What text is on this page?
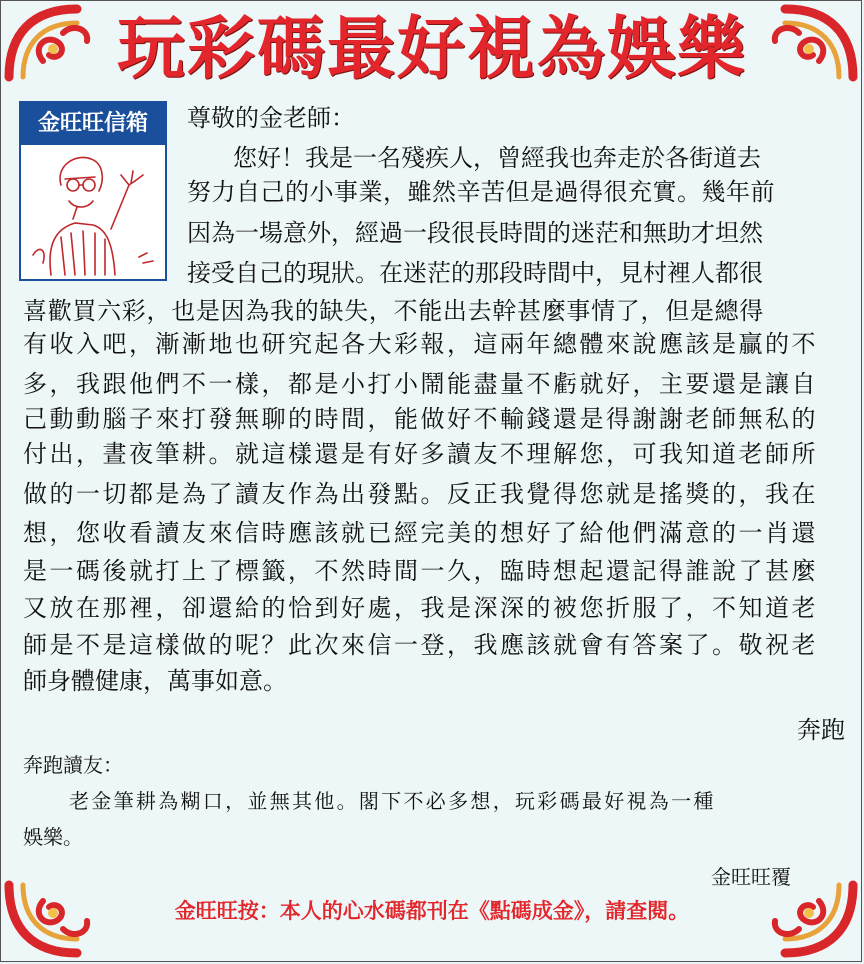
玩彩碼最好視為娛樂
金旺旺信箱	尊敬的金老師：
您好！我是一名殘疾人，曾經我也奔走於各街道去
努力自己的小事業，雖然辛苦但是過得很充實。幾年前
因為一場意外，經過一段很長時間的迷茫和無助才坦然
接受自己的現狀。在迷茫的那段時間中，見村裡人都很
喜歡買六彩，也是因為我的缺失，不能出去幹甚麼事情了，但是總得
有收入吧，漸漸地也研究起各大彩報，這兩年總體來說應該是贏的不
多，我跟他們不一樣，都是小打小鬧能盡量不虧就好，主要還是讓自
己動動腦子來打發無聊的時間，能做好不輸錢還是得謝謝老師無私的
付出，晝夜筆耕。就這樣還是有好多讀友不理解您，可我知道老師所
做的一切都是為了讀友作為出發點。反正我覺得您就是搖獎的，我在
想，您收看讀友來信時應該就已經完美的想好了給他們滿意的一肖還
是一碼後就打上了標籤，不然時間一久，臨時想起還記得誰說了甚麼
又放在那裡，卻還給的恰到好處，我是深深的被您折服了，不知道老
師是不是這樣做的呢？此次來信一登，我應該就會有答案了。敬祝老
師身體健康，萬事如意。
奔跑
奔跑讀友：
老金筆耕為糊口，並無其他。閣下不必多想，玩彩碼最好視為一種
娛樂。
金旺旺覆
金旺旺按：本人的心水碼都刊在《點碼成金》，請查閱。
